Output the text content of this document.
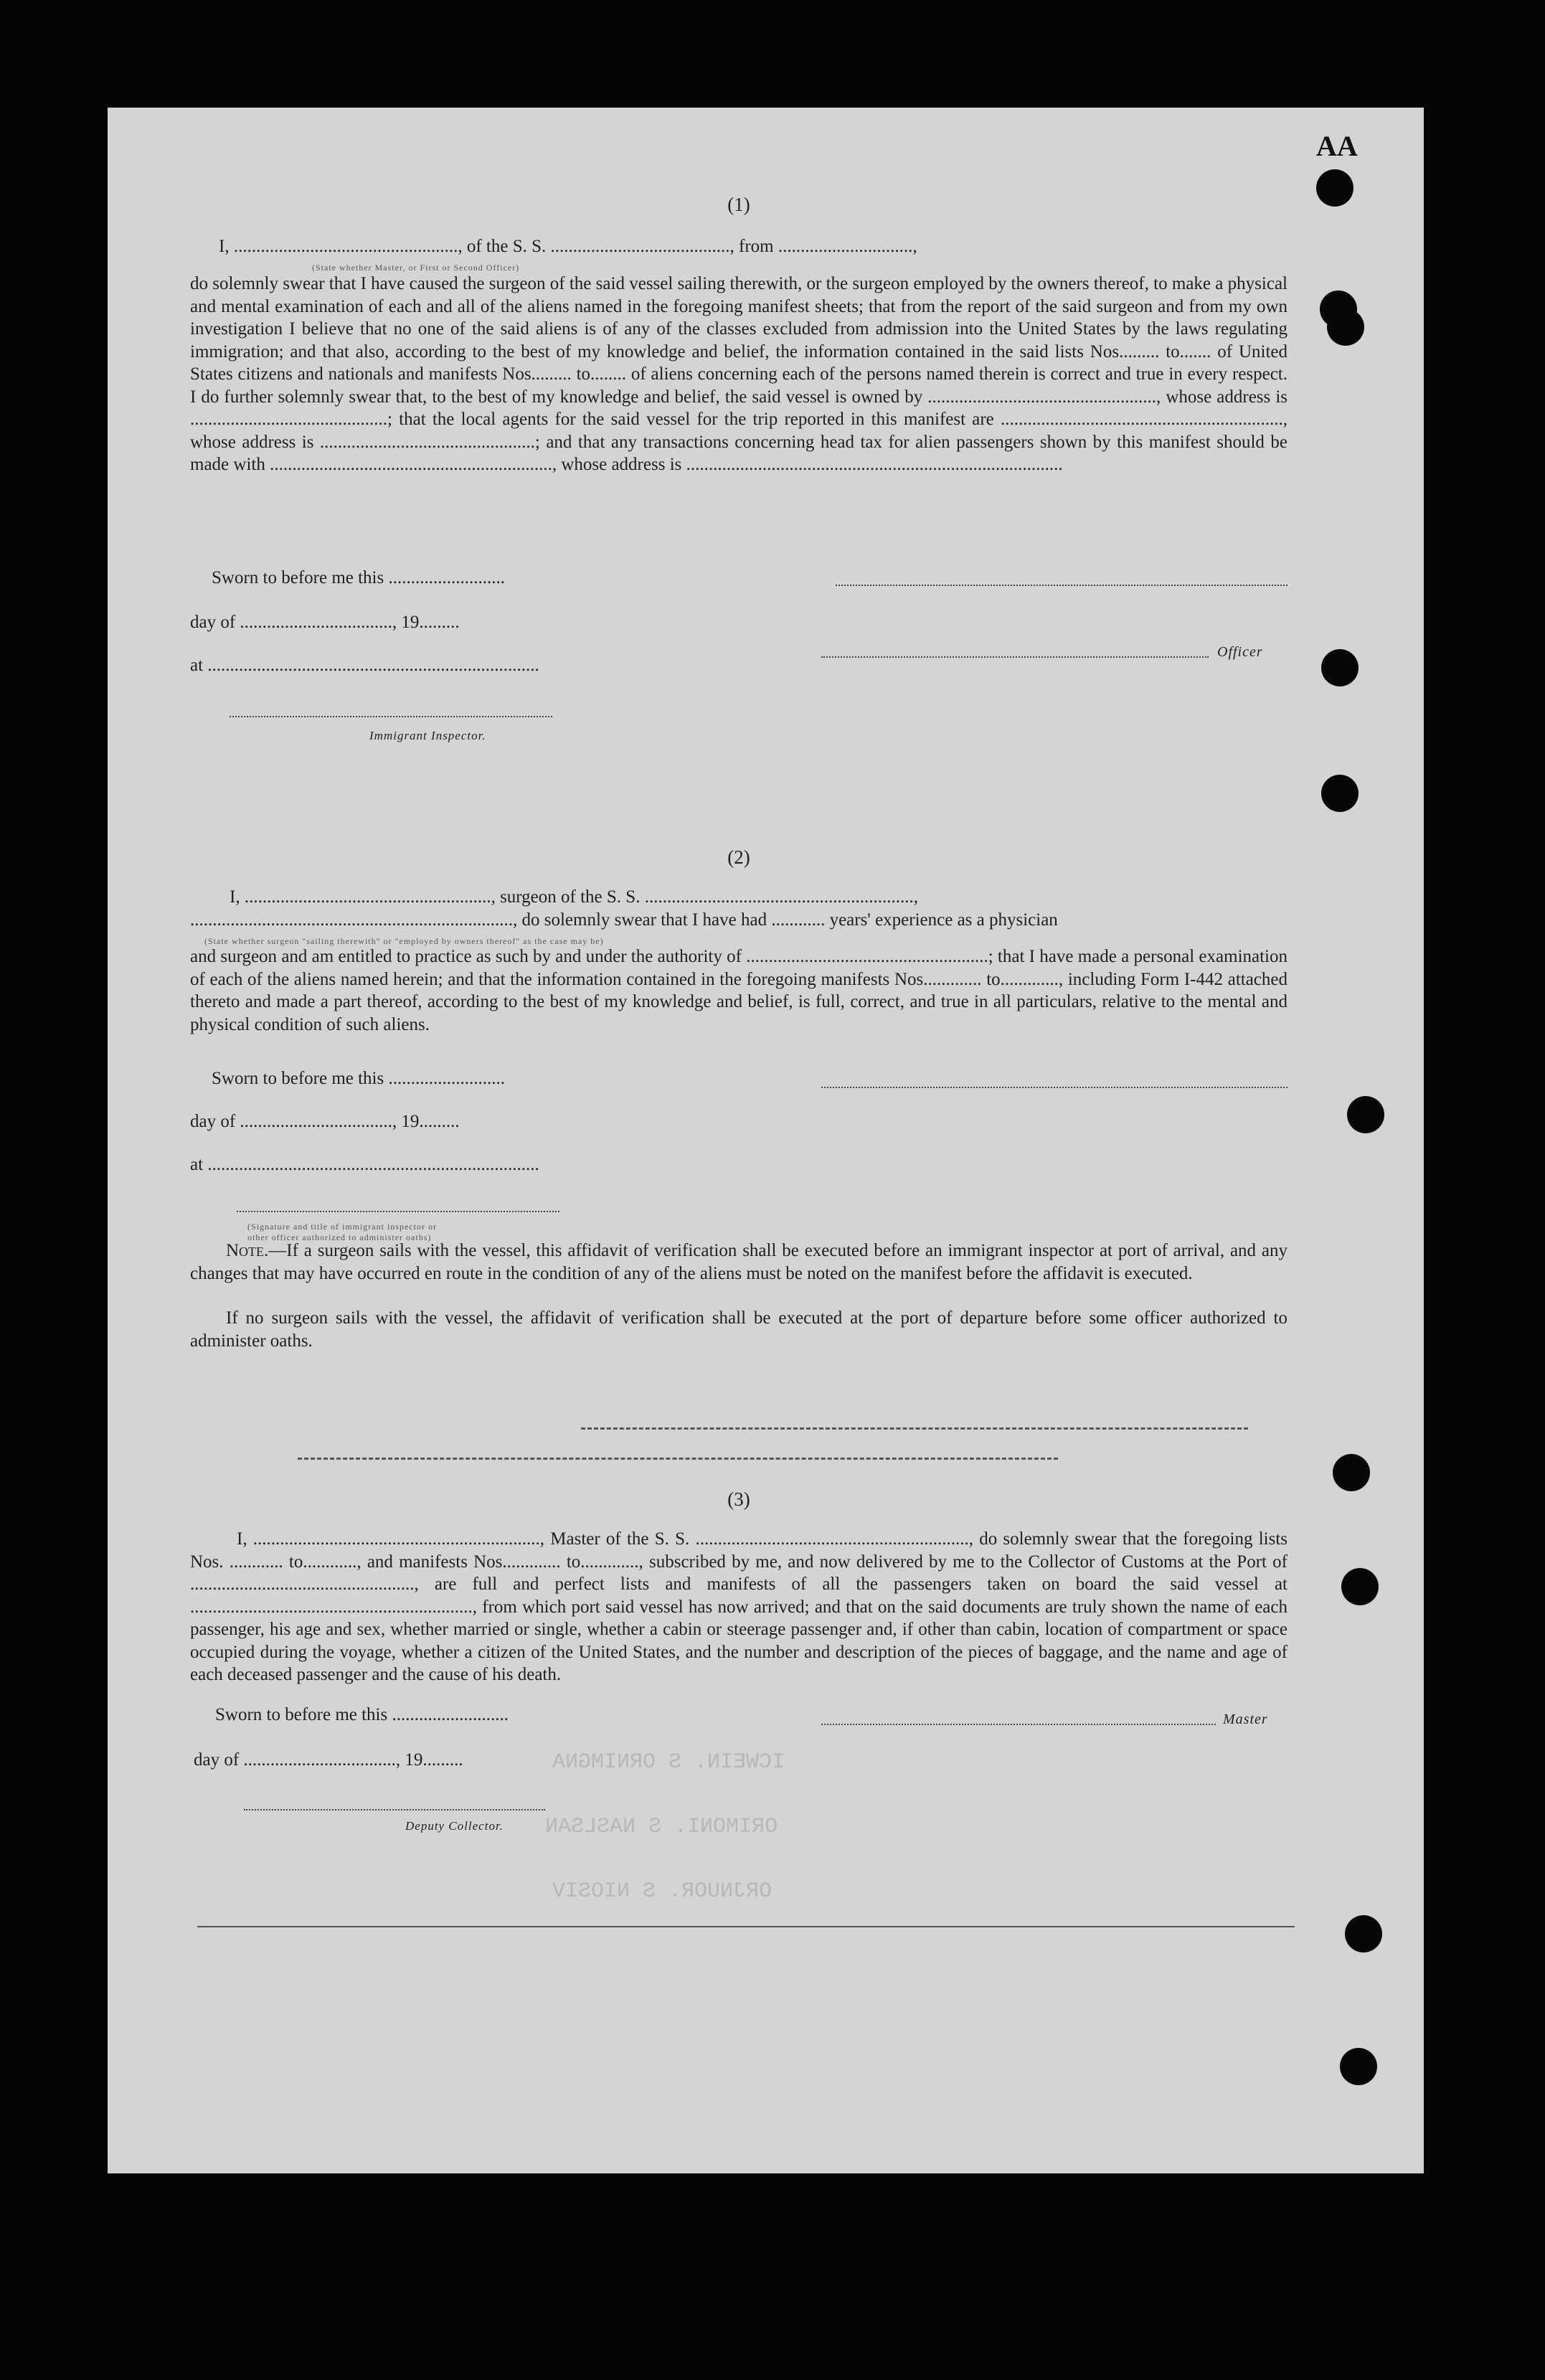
AA
ICWEIN. S ORNIMGNA
ORIMONI. S NASLSAN
ORJNUOR. S NIOSIV
(1)
I, .................................................., of the S. S. ........................................, from ..............................,
(State whether Master, or First or Second Officer)
do solemnly swear that I have caused the surgeon of the said vessel sailing therewith, or the surgeon employed by the owners thereof, to make a physical and mental examination of each and all of the aliens named in the foregoing manifest sheets; that from the report of the said surgeon and from my own investigation I believe that no one of the said aliens is of any of the classes excluded from admission into the United States by the laws regulating immigration; and that also, according to the best of my knowledge and belief, the information contained in the said lists Nos......... to....... of United States citizens and nationals and manifests Nos......... to........ of aliens concerning each of the persons named therein is correct and true in every respect. I do further solemnly swear that, to the best of my knowledge and belief, the said vessel is owned by ..................................................., whose address is ............................................; that the local agents for the said vessel for the trip reported in this manifest are ..............................................................., whose address is ................................................; and that any transactions concerning head tax for alien passengers shown by this manifest should be made with ..............................................................., whose address is ....................................................................................
Sworn to before me this ..........................
day of .................................., 19.........
at ..........................................................................
Officer
Immigrant Inspector.
(2)
I, ......................................................., surgeon of the S. S. ............................................................,
........................................................................, do solemnly swear that I have had ............ years' experience as a physician
(State whether surgeon "sailing therewith" or "employed by owners thereof" as the case may be)
and surgeon and am entitled to practice as such by and under the authority of ......................................................; that I have made a personal examination of each of the aliens named herein; and that the information contained in the foregoing manifests Nos............. to............., including Form I-442 attached thereto and made a part thereof, according to the best of my knowledge and belief, is full, correct, and true in all particulars, relative to the mental and physical condition of such aliens.
Sworn to before me this ..........................
day of .................................., 19.........
at ..........................................................................
(Signature and title of immigrant inspector or
other officer authorized to administer oaths)
Note.—If a surgeon sails with the vessel, this affidavit of verification shall be executed before an immigrant inspector at port of arrival, and any changes that may have occurred en route in the condition of any of the aliens must be noted on the manifest before the affidavit is executed.
If no surgeon sails with the vessel, the affidavit of verification shall be executed at the port of departure before some officer authorized to administer oaths.
(3)
I, ................................................................, Master of the S. S. ............................................................., do solemnly swear that the foregoing lists Nos. ............ to............, and manifests Nos............. to............., subscribed by me, and now delivered by me to the Collector of Customs at the Port of .................................................., are full and perfect lists and manifests of all the passengers taken on board the said vessel at ..............................................................., from which port said vessel has now arrived; and that on the said documents are truly shown the name of each passenger, his age and sex, whether married or single, whether a cabin or steerage passenger and, if other than cabin, location of compartment or space occupied during the voyage, whether a citizen of the United States, and the number and description of the pieces of baggage, and the name and age of each deceased passenger and the cause of his death.
Sworn to before me this ..........................	Master
day of .................................., 19.........
Deputy Collector.
